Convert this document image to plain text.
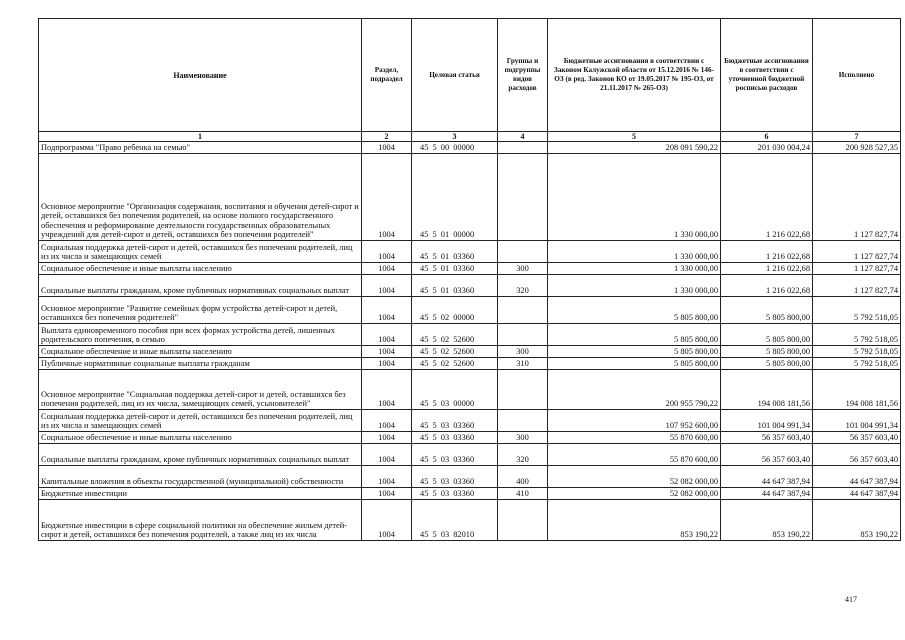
Наименование	Раздел, подраздел	Целевая статья	Группы и подгруппы видов расходов	Бюджетные ассигнования в соответствии с Законом Калужской области от 15.12.2016 № 146-ОЗ (в ред. Законов КО от 19.05.2017 № 195-ОЗ, от 21.11.2017 № 265-ОЗ)	Бюджетные ассигнования в соответствии с уточненной бюджетной росписью расходов	Исполнено
1	2	3	4	5	6	7
Подпрограмма "Право ребенка на семью"	1004	45 5 00 00000		208 091 590,22	201 030 004,24	200 928 527,35
Основное мероприятие "Организация содержания, воспитания и обучения детей-сирот и детей, оставшихся без попечения родителей, на основе полного государственного обеспечения и реформирование деятельности государственных образовательных учреждений для детей-сирот и детей, оставшихся без попечения родителей"	1004	45 5 01 00000		1 330 000,00	1 216 022,68	1 127 827,74
Социальная поддержка детей-сирот и детей, оставшихся без попечения родителей, лиц из их числа и замещающих семей	1004	45 5 01 03360		1 330 000,00	1 216 022,68	1 127 827,74
Социальное обеспечение и иные выплаты населению	1004	45 5 01 03360	300	1 330 000,00	1 216 022,68	1 127 827,74
Социальные выплаты гражданам, кроме публичных нормативных социальных выплат	1004	45 5 01 03360	320	1 330 000,00	1 216 022,68	1 127 827,74
Основное мероприятие "Развитие семейных форм устройства детей-сирот и детей, оставшихся без попечения родителей"	1004	45 5 02 00000		5 805 800,00	5 805 800,00	5 792 518,05
Выплата единовременного пособия при всех формах устройства детей, лишенных родительского попечения, в семью	1004	45 5 02 52600		5 805 800,00	5 805 800,00	5 792 518,05
Социальное обеспечение и иные выплаты населению	1004	45 5 02 52600	300	5 805 800,00	5 805 800,00	5 792 518,05
Публичные нормативные социальные выплаты гражданам	1004	45 5 02 52600	310	5 805 800,00	5 805 800,00	5 792 518,05
Основное мероприятие "Социальная поддержка детей-сирот и детей, оставшихся без попечения родителей, лиц из их числа, замещающих семей, усыновителей"	1004	45 5 03 00000		200 955 790,22	194 008 181,56	194 008 181,56
Социальная поддержка детей-сирот и детей, оставшихся без попечения родителей, лиц из их числа и замещающих семей	1004	45 5 03 03360		107 952 600,00	101 004 991,34	101 004 991,34
Социальное обеспечение и иные выплаты населению	1004	45 5 03 03360	300	55 870 600,00	56 357 603,40	56 357 603,40
Социальные выплаты гражданам, кроме публичных нормативных социальных выплат	1004	45 5 03 03360	320	55 870 600,00	56 357 603,40	56 357 603,40
Капитальные вложения в объекты государственной (муниципальной) собственности	1004	45 5 03 03360	400	52 082 000,00	44 647 387,94	44 647 387,94
Бюджетные инвестиции	1004	45 5 03 03360	410	52 082 000,00	44 647 387,94	44 647 387,94
Бюджетные инвестиции в сфере социальной политики на обеспечение жильем детей-сирот и детей, оставшихся без попечения родителей, а также лиц из их числа	1004	45 5 03 82010		853 190,22	853 190,22	853 190,22
417
